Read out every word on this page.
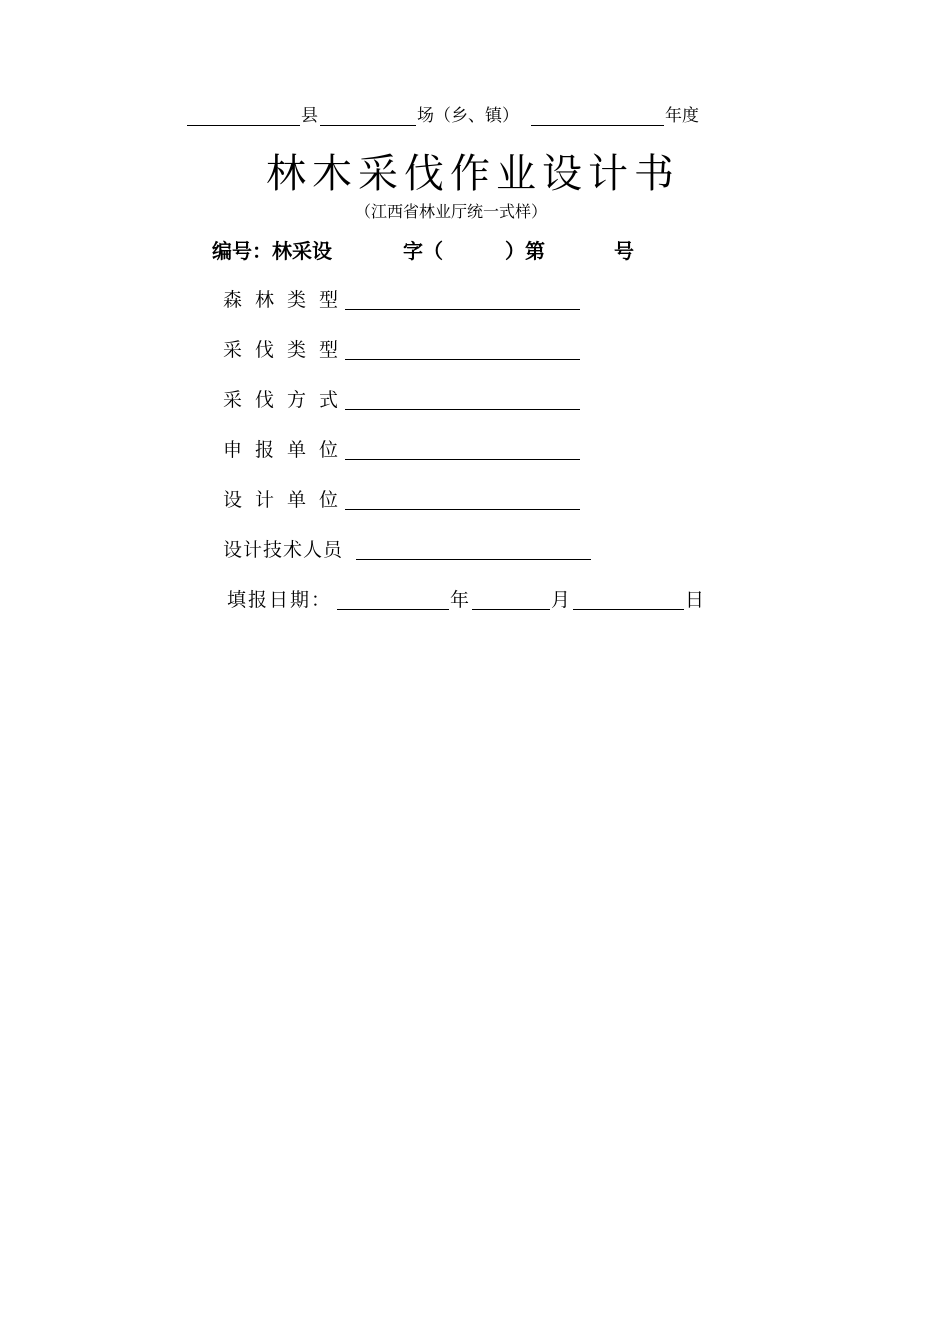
县	场（乡、镇）	年度
林木采伐作业设计书
（江西省林业厅统一式样）
编号：林采设	字（	）第	号
森林类型
采伐类型
采伐方式
申报单位
设计单位
设计技术人员
填报日期：	年	月	日
